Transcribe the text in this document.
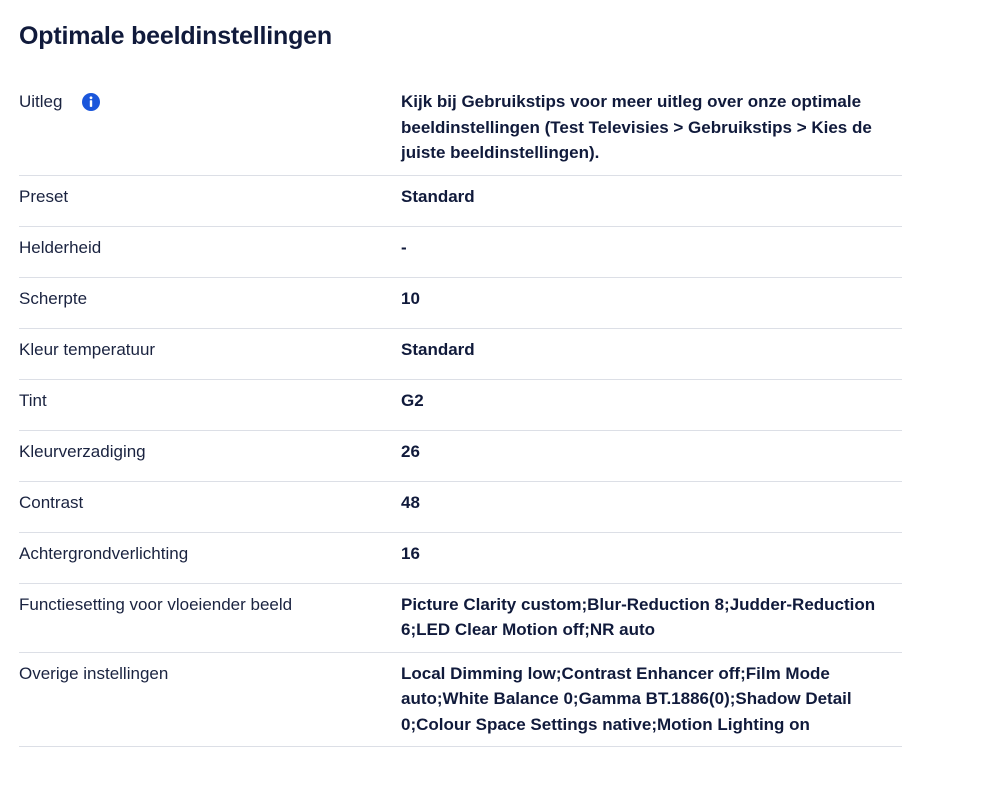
Optimale beeldinstellingen
Uitleg	Kijk bij Gebruikstips voor meer uitleg over onze optimale beeldinstellingen (Test Televisies > Gebruikstips > Kies de juiste beeldinstellingen).
Preset	Standard
Helderheid	-
Scherpte	10
Kleur temperatuur	Standard
Tint	G2
Kleurverzadiging	26
Contrast	48
Achtergrondverlichting	16
Functiesetting voor vloeiender beeld	Picture Clarity custom;Blur-Reduction 8;Judder-Reduction 6;LED Clear Motion off;NR auto
Overige instellingen	Local Dimming low;Contrast Enhancer off;Film Mode auto;White Balance 0;Gamma BT.1886(0);Shadow Detail 0;Colour Space Settings native;Motion Lighting on
